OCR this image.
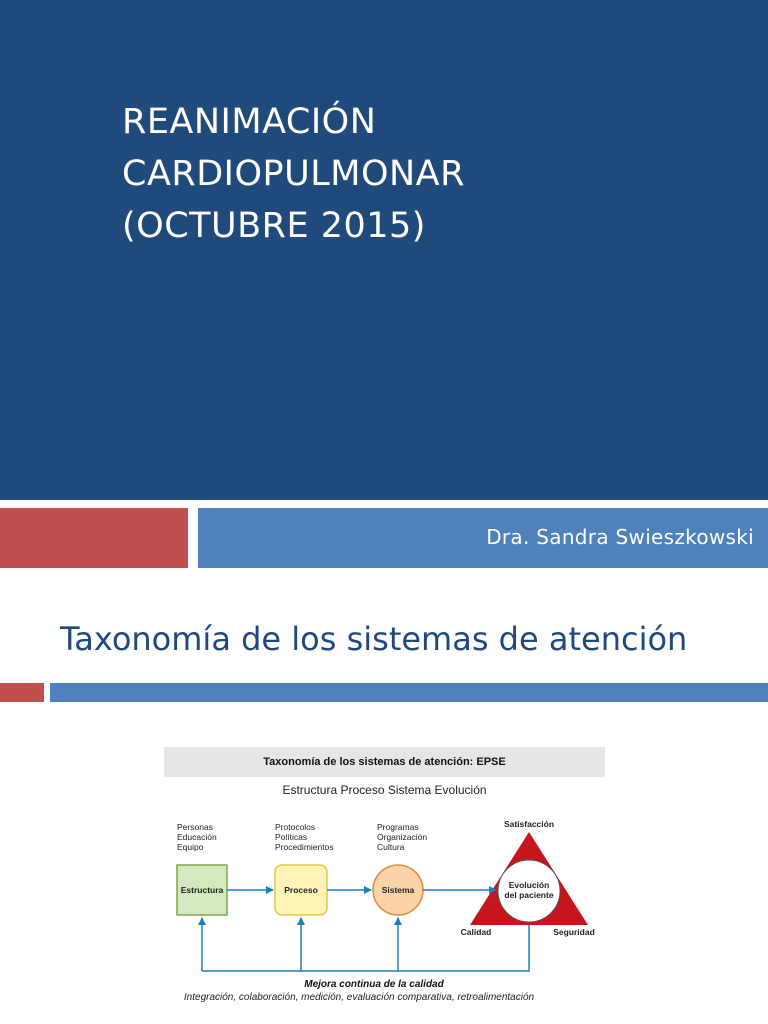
REANIMACIÓN
CARDIOPULMONAR
(OCTUBRE 2015)
Dra. Sandra Swieszkowski
Taxonomía de los sistemas de atención
Taxonomía de los sistemas de atención: EPSE
Estructura Proceso Sistema Evolución
Personas
Educación
Equipo
Protocolos
Políticas
Procedimientos
Programas
Organización
Cultura
Estructura	Proceso	Sistema	Evolución
del paciente
Satisfacción
Calidad	Seguridad
Mejora continua de la calidad
Integración, colaboración, medición, evaluación comparativa, retroalimentación
